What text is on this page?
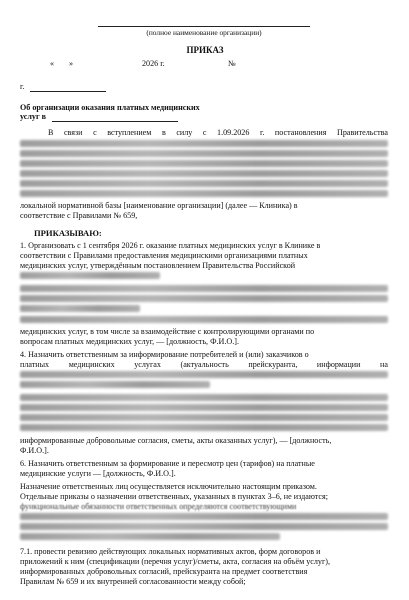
(полное наименование организации)
ПРИКАЗ
« »	2026 г.	№
г.
Об организации оказания платных медицинских
услуг в
В связи с вступлением в силу с 1.09.2026 г. постановления Правительства
локальной нормативной базы [наименование организации] (далее — Клиника) в
соответствие с Правилами № 659,
ПРИКАЗЫВАЮ:
1. Организовать с 1 сентября 2026 г. оказание платных медицинских услуг в Клинике в
соответствии с Правилами предоставления медицинскими организациями платных
медицинских услуг, утверждённым постановлением Правительства Российской
медицинских услуг, в том числе за взаимодействие с контролирующими органами по
вопросам платных медицинских услуг, — [должность, Ф.И.О.].
4. Назначить ответственным за информирование потребителей и (или) заказчиков о
платных медицинских услугах (актуальность прейскуранта, информации на
информированные добровольные согласия, сметы, акты оказанных услуг), — [должность,
Ф.И.О.].
6. Назначить ответственным за формирование и пересмотр цен (тарифов) на платные
медицинские услуги — [должность, Ф.И.О.].
Назначение ответственных лиц осуществляется исключительно настоящим приказом.
Отдельные приказы о назначении ответственных, указанных в пунктах 3–6, не издаются;
функциональные обязанности ответственных определяются соответствующими
7.1. провести ревизию действующих локальных нормативных актов, форм договоров и
приложений к ним (спецификации (перечня услуг)/сметы, акта, согласия на объём услуг),
информированных добровольных согласий, прейскуранта на предмет соответствия
Правилам № 659 и их внутренней согласованности между собой;
